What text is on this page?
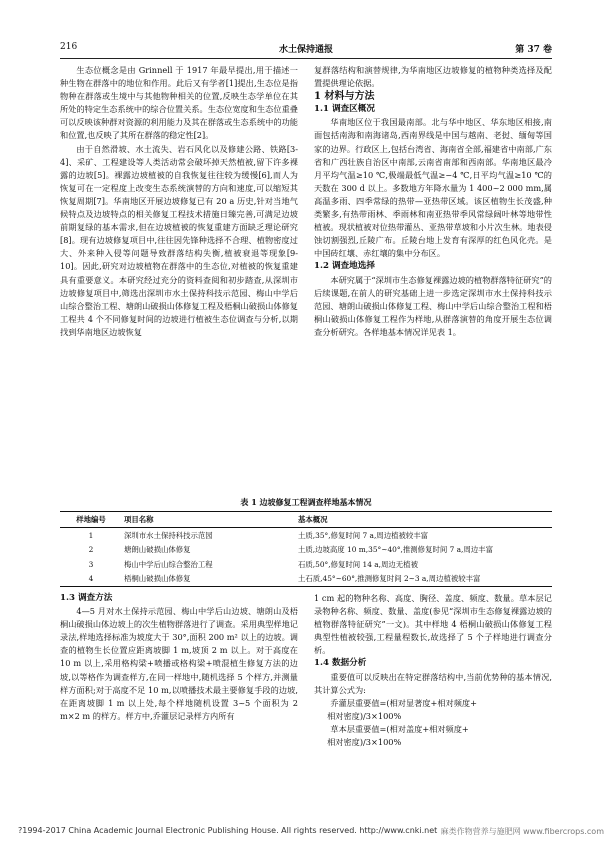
216	水土保持通报	第 37 卷

生态位概念是由 Grinnell 于 1917 年最早提出,用于描述一种生物在群落中的地位和作用。此后又有学者[1]提出,生态位是指物种在群落或生境中与其他物种相关的位置,反映生态学单位在其所处的特定生态系统中的综合位置关系。生态位宽度和生态位重叠可以反映该种群对资源的利用能力及其在群落或生态系统中的功能和位置,也反映了其所在群落的稳定性[2]。

由于自然滑坡、水土流失、岩石风化以及修建公路、铁路[3-4]、采矿、工程建设等人类活动常会破坏掉天然植被,留下许多裸露的边坡[5]。裸露边坡植被的自我恢复往往较为缓慢[6],而人为恢复可在一定程度上改变生态系统演替的方向和速度,可以缩短其恢复周期[7]。华南地区开展边坡修复已有 20 a 历史,针对当地气候特点及边坡特点的相关修复工程技术措施日臻完善,可满足边坡前期复绿的基本需求,但在边坡植被的恢复重建方面缺乏理论研究[8]。现有边坡修复项目中,往往因先锋种选择不合理、植物密度过大、外来种入侵等问题导致群落结构失衡,植被衰退等现象[9-10]。因此,研究对边坡植物在群落中的生态位,对植被的恢复重建具有重要意义。本研究经过充分的资料查阅和初步踏查,从深圳市边坡修复项目中,筛选出深圳市水土保持科技示范园、梅山中学后山综合整治工程、塘朗山破损山体修复工程及梧桐山破损山体修复工程共 4 个不同修复时间的边坡进行植被生态位调查与分析,以期找到华南地区边坡恢复

复群落结构和演替规律,为华南地区边坡修复的植物种类选择及配置提供理论依据。

1 材料与方法

1.1 调查区概况

华南地区位于我国最南部。北与华中地区、华东地区相接,南面包括南海和南海诸岛,西南界线是中国与越南、老挝、缅甸等国家的边界。行政区上,包括台湾省、海南省全部,福建省中南部,广东省和广西壮族自治区中南部,云南省南部和西南部。华南地区最冷月平均气温≥10 ℃,极端最低气温≥−4 ℃,日平均气温≥10 ℃的天数在 300 d 以上。多数地方年降水量为 1 400~2 000 mm,属高温多雨、四季常绿的热带—亚热带区域。该区植物生长茂盛,种类繁多,有热带雨林、季雨林和南亚热带季风常绿阔叶林等地带性植被。现状植被对位热带灌丛、亚热带草坡和小片次生林。地表侵蚀切割强烈,丘陵广布。丘陵台地上发育有深厚的红色风化壳。是中国砖红壤、赤红壤的集中分布区。

1.2 调查地选择

本研究属于“深圳市生态修复裸露边坡的植物群落特征研究”的后续课题,在前人的研究基础上进一步选定深圳市水土保持科技示范园、塘朗山破损山体修复工程、梅山中学后山综合整治工程和梧桐山破损山体修复工程作为样地,从群落演替的角度开展生态位调查分析研究。各样地基本情况详见表 1。

表 1 边坡修复工程调查样地基本情况
样地编号	项目名称	基本概况
1	深圳市水土保持科技示范园	土质,35°,修复时间 7 a,周边植被较丰富
2	塘朗山破损山体修复	土质,边坡高度 10 m,35°~40°,推测修复时间 7 a,周边丰富
3	梅山中学后山综合整治工程	石质,50°,修复时间 14 a,周边无植被
4	梧桐山破损山体修复	土石质,45°~60°,推测修复时间 2~3 a,周边植被较丰富

1.3 调查方法

4—5 月对水土保持示范园、梅山中学后山边坡、塘朗山及梧桐山破损山体边坡上的次生植物群落进行了调查。采用典型样地记录法,样地选择标准为坡度大于 30°,面积 200 m² 以上的边坡。调查的植物生长位置应距离坡脚 1 m,坡顶 2 m 以上。对于高度在 10 m 以上,采用格构梁+喷播或格构梁+喷混植生修复方法的边坡,以等格作为调查样方,在同一样地中,随机选择 5 个样方,并测量样方面积;对于高度不足 10 m,以喷播技术最主要修复手段的边坡,在距离坡脚 1 m 以上处,每个样地随机设置 3~5 个面积为 2 m×2 m 的样方。样方中,乔灌层记录样方内所有

1 cm 起的物种名称、高度、胸径、盖度、频度、数量。草本层记录物种名称、频度、数量、盖度(参见“深圳市生态修复裸露边坡的植物群落特征研究”一文)。其中样地 4 梧桐山破损山体修复工程典型性植被较强,工程量程数长,故选择了 5 个子样地进行调查分析。

1.4 数据分析

重要值可以反映出在特定群落结构中,当前优势种的基本情况,其计算公式为:

乔灌层重要值=(相对显著度+相对频度+

相对密度)/3×100%

草本层重要值=(相对盖度+相对频度+

相对密度)/3×100%

?1994-2017 China Academic Journal Electronic Publishing House. All rights reserved. http://www.cnki.net 麻类作物营养与施肥网 www.fibercrops.com
